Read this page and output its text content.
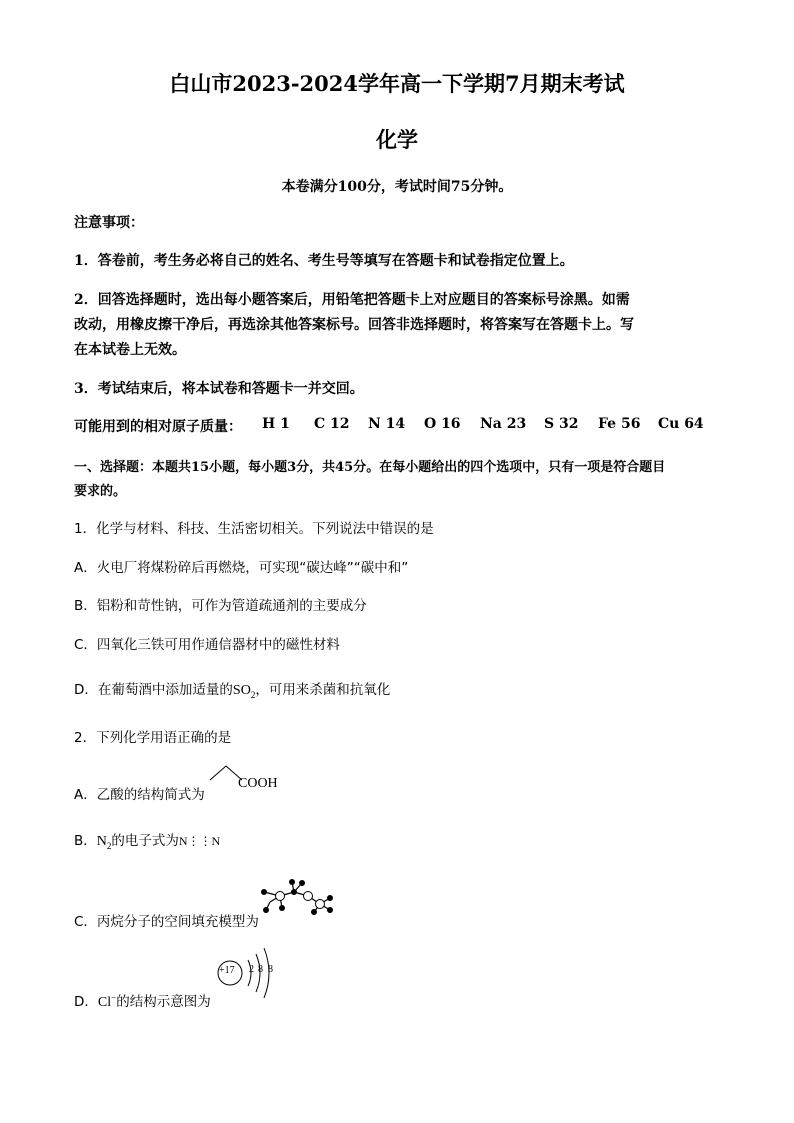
白山市2023-2024学年高一下学期7月期末考试
化学
本卷满分100分，考试时间75分钟。
注意事项：
1．答卷前，考生务必将自己的姓名、考生号等填写在答题卡和试卷指定位置上。
2．回答选择题时，选出每小题答案后，用铅笔把答题卡上对应题目的答案标号涂黑。如需
改动，用橡皮擦干净后，再选涂其他答案标号。回答非选择题时，将答案写在答题卡上。写
在本试卷上无效。
3．考试结束后，将本试卷和答题卡一并交回。
可能用到的相对原子质量： H 1 C 12 N 14 O 16 Na 23 S 32 Fe 56 Cu 64
一、选择题：本题共15小题，每小题3分，共45分。在每小题给出的四个选项中，只有一项是符合题目
要求的。
1．化学与材料、科技、生活密切相关。下列说法中错误的是
A．火电厂将煤粉碎后再燃烧，可实现“碳达峰”“碳中和”
B．铝粉和苛性钠，可作为管道疏通剂的主要成分
C．四氧化三铁可用作通信器材中的磁性材料
D．在葡萄酒中添加适量的$SO_2$，可用来杀菌和抗氧化
2．下列化学用语正确的是
A．乙酸的结构简式为
COOH
B．$N_2$的电子式为N⋮⋮N
C．丙烷分子的空间填充模型为
D．Cl−的结构示意图为
+17 2 8 8
